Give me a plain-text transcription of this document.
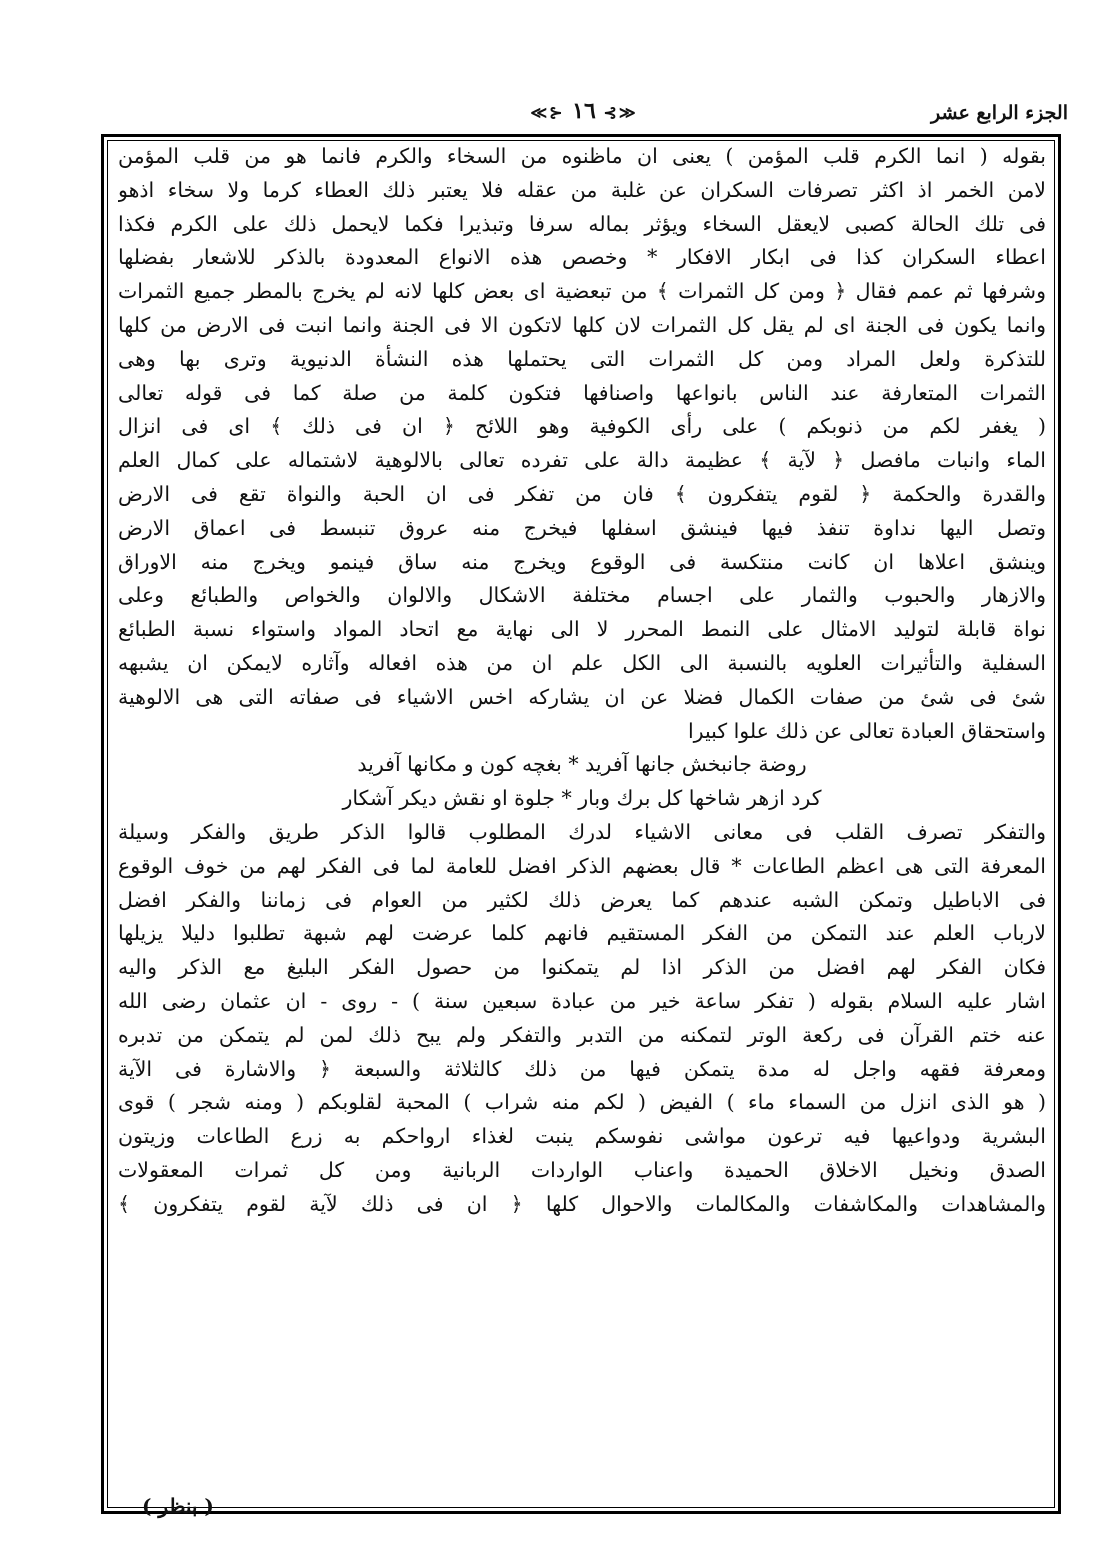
الجزء الرابع عشر
≪⊱ ١٦ ⊰≫
بقوله ( انما الكرم قلب المؤمن ) يعنى ان ماظنوه من السخاء والكرم فانما هو من قلب المؤمن
لامن الخمر اذ اكثر تصرفات السكران عن غلبة من عقله فلا يعتبر ذلك العطاء كرما ولا سخاء اذهو
فى تلك الحالة كصبى لايعقل السخاء ويؤثر بماله سرفا وتبذيرا فكما لايحمل ذلك على الكرم فكذا
اعطاء السكران كذا فى ابكار الافكار * وخصص هذه الانواع المعدودة بالذكر للاشعار بفضلها
وشرفها ثم عمم فقال ﴿ ومن كل الثمرات ﴾ من تبعضية اى بعض كلها لانه لم يخرج بالمطر جميع الثمرات
وانما يكون فى الجنة اى لم يقل كل الثمرات لان كلها لاتكون الا فى الجنة وانما انبت فى الارض من كلها
للتذكرة ولعل المراد ومن كل الثمرات التى يحتملها هذه النشأة الدنيوية وترى بها وهى
الثمرات المتعارفة عند الناس بانواعها واصنافها فتكون كلمة من صلة كما فى قوله تعالى
( يغفر لكم من ذنوبكم ) على رأى الكوفية وهو اللائح ﴿ ان فى ذلك ﴾ اى فى انزال
الماء وانبات مافصل ﴿ لآية ﴾ عظيمة دالة على تفرده تعالى بالالوهية لاشتماله على كمال العلم
والقدرة والحكمة ﴿ لقوم يتفكرون ﴾ فان من تفكر فى ان الحبة والنواة تقع فى الارض
وتصل اليها نداوة تنفذ فيها فينشق اسفلها فيخرج منه عروق تنبسط فى اعماق الارض
وينشق اعلاها ان كانت منتكسة فى الوقوع ويخرج منه ساق فينمو ويخرج منه الاوراق
والازهار والحبوب والثمار على اجسام مختلفة الاشكال والالوان والخواص والطبائع وعلى
نواة قابلة لتوليد الامثال على النمط المحرر لا الى نهاية مع اتحاد المواد واستواء نسبة الطبائع
السفلية والتأثيرات العلويه بالنسبة الى الكل علم ان من هذه افعاله وآثاره لايمكن ان يشبهه
شئ فى شئ من صفات الكمال فضلا عن ان يشاركه اخس الاشياء فى صفاته التى هى الالوهية
واستحقاق العبادة تعالى عن ذلك علوا كبيرا
روضة جانبخش جانها آفريد * بغچه كون و مكانها آفريد
كرد ازهر شاخها كل برك وبار * جلوة او نقش ديكر آشكار
والتفكر تصرف القلب فى معانى الاشياء لدرك المطلوب قالوا الذكر طريق والفكر وسيلة
المعرفة التى هى اعظم الطاعات * قال بعضهم الذكر افضل للعامة لما فى الفكر لهم من خوف الوقوع
فى الاباطيل وتمكن الشبه عندهم كما يعرض ذلك لكثير من العوام فى زماننا والفكر افضل
لارباب العلم عند التمكن من الفكر المستقيم فانهم كلما عرضت لهم شبهة تطلبوا دليلا يزيلها
فكان الفكر لهم افضل من الذكر اذا لم يتمكنوا من حصول الفكر البليغ مع الذكر واليه
اشار عليه السلام بقوله ( تفكر ساعة خير من عبادة سبعين سنة ) - روى - ان عثمان رضى الله
عنه ختم القرآن فى ركعة الوتر لتمكنه من التدبر والتفكر ولم يبح ذلك لمن لم يتمكن من تدبره
ومعرفة فقهه واجل له مدة يتمكن فيها من ذلك كالثلاثة والسبعة ﴿ والاشارة فى الآية
( هو الذى انزل من السماء ماء ) الفيض ( لكم منه شراب ) المحبة لقلوبكم ( ومنه شجر ) قوى
البشرية ودواعيها فيه ترعون مواشى نفوسكم ينبت لغذاء ارواحكم به زرع الطاعات وزيتون
الصدق ونخيل الاخلاق الحميدة واعناب الواردات الربانية ومن كل ثمرات المعقولات
والمشاهدات والمكاشفات والمكالمات والاحوال كلها ﴿ ان فى ذلك لآية لقوم يتفكرون ﴾
( بنظر )
